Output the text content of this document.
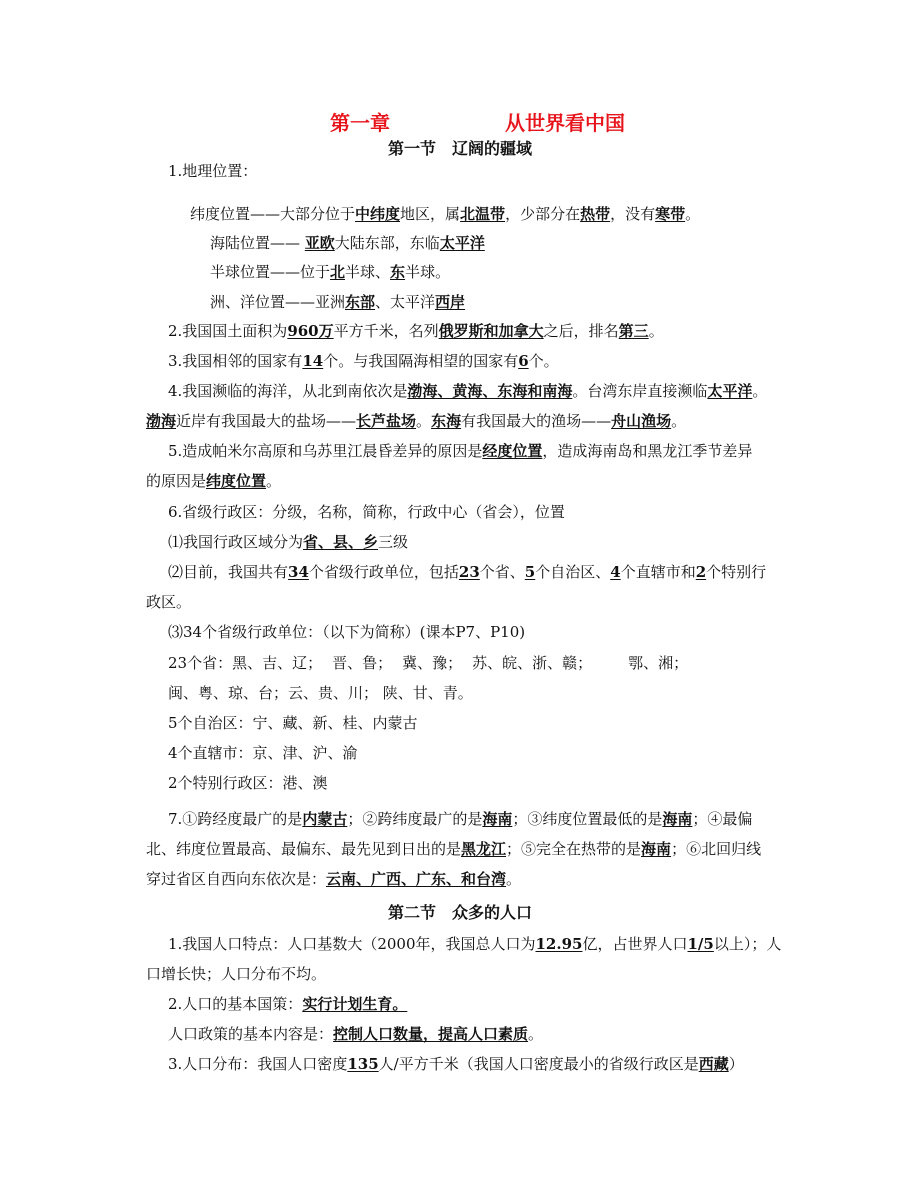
第一章	从世界看中国
第一节　辽阔的疆域
1.地理位置：
纬度位置——大部分位于中纬度地区，属北温带，少部分在热带，没有寒带。
海陆位置—— 亚欧大陆东部，东临太平洋
半球位置——位于北半球、东半球。
洲、洋位置——亚洲东部、太平洋西岸
2.我国国土面积为960万平方千米，名列俄罗斯和加拿大之后，排名第三。
3.我国相邻的国家有14个。与我国隔海相望的国家有6个。
4.我国濒临的海洋，从北到南依次是渤海、黄海、东海和南海。台湾东岸直接濒临太平洋。
渤海近岸有我国最大的盐场——长芦盐场。东海有我国最大的渔场——舟山渔场。
5.造成帕米尔高原和乌苏里江晨昏差异的原因是经度位置，造成海南岛和黑龙江季节差异
的原因是纬度位置。
6.省级行政区：分级，名称，简称，行政中心（省会），位置
⑴我国行政区域分为省、县、乡三级
⑵目前，我国共有34个省级行政单位，包括23个省、5个自治区、4个直辖市和2个特别行
政区。
⑶34个省级行政单位：（以下为简称）(课本P7、P10)
23个省：黑、吉、辽； 晋、鲁； 冀、豫； 苏、皖、浙、赣； 鄂、湘；
闽、粤、琼、台；云、贵、川； 陕、甘、青。
5个自治区：宁、藏、新、桂、内蒙古
4个直辖市：京、津、沪、渝
2个特别行政区：港、澳
7.①跨经度最广的是内蒙古；②跨纬度最广的是海南；③纬度位置最低的是海南；④最偏
北、纬度位置最高、最偏东、最先见到日出的是黑龙江；⑤完全在热带的是海南；⑥北回归线
穿过省区自西向东依次是：云南、广西、广东、和台湾。
第二节　众多的人口
1.我国人口特点：人口基数大（2000年，我国总人口为12.95亿，占世界人口1/5以上）；人
口增长快；人口分布不均。
2.人口的基本国策：实行计划生育。
人口政策的基本内容是：控制人口数量，提高人口素质。
3.人口分布：我国人口密度135人/平方千米（我国人口密度最小的省级行政区是西藏）
